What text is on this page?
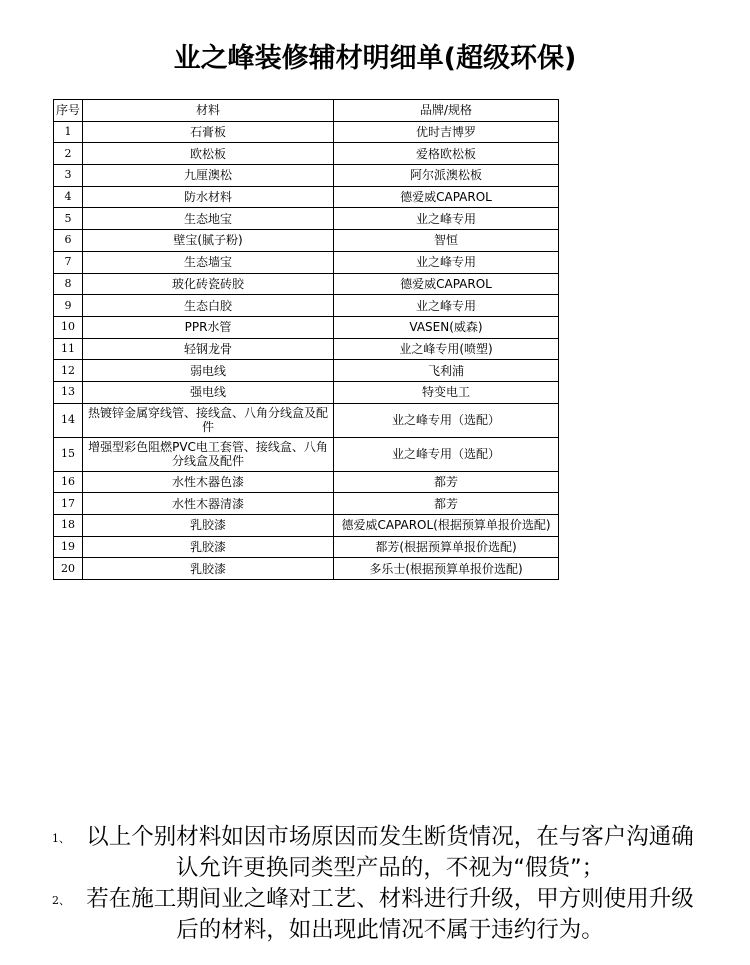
业之峰装修辅材明细单(超级环保)
序号	材料	品牌/规格
1	石膏板	优时吉博罗
2	欧松板	爱格欧松板
3	九厘澳松	阿尔派澳松板
4	防水材料	德爱威CAPAROL
5	生态地宝	业之峰专用
6	壁宝(腻子粉)	智恒
7	生态墙宝	业之峰专用
8	玻化砖瓷砖胶	德爱威CAPAROL
9	生态白胶	业之峰专用
10	PPR水管	VASEN(威森)
11	轻钢龙骨	业之峰专用(喷塑)
12	弱电线	飞利浦
13	强电线	特变电工
14	热镀锌金属穿线管、接线盒、八角分线盒及配件	业之峰专用（选配）
15	增强型彩色阻燃PVC电工套管、接线盒、八角分线盒及配件	业之峰专用（选配）
16	水性木器色漆	都芳
17	水性木器清漆	都芳
18	乳胶漆	德爱威CAPAROL(根据预算单报价选配)
19	乳胶漆	都芳(根据预算单报价选配)
20	乳胶漆	多乐士(根据预算单报价选配)
1、 以上个别材料如因市场原因而发生断货情况，在与客户沟通确认允许更换同类型产品的，不视为“假货”；
2、 若在施工期间业之峰对工艺、材料进行升级，甲方则使用升级后的材料，如出现此情况不属于违约行为。
